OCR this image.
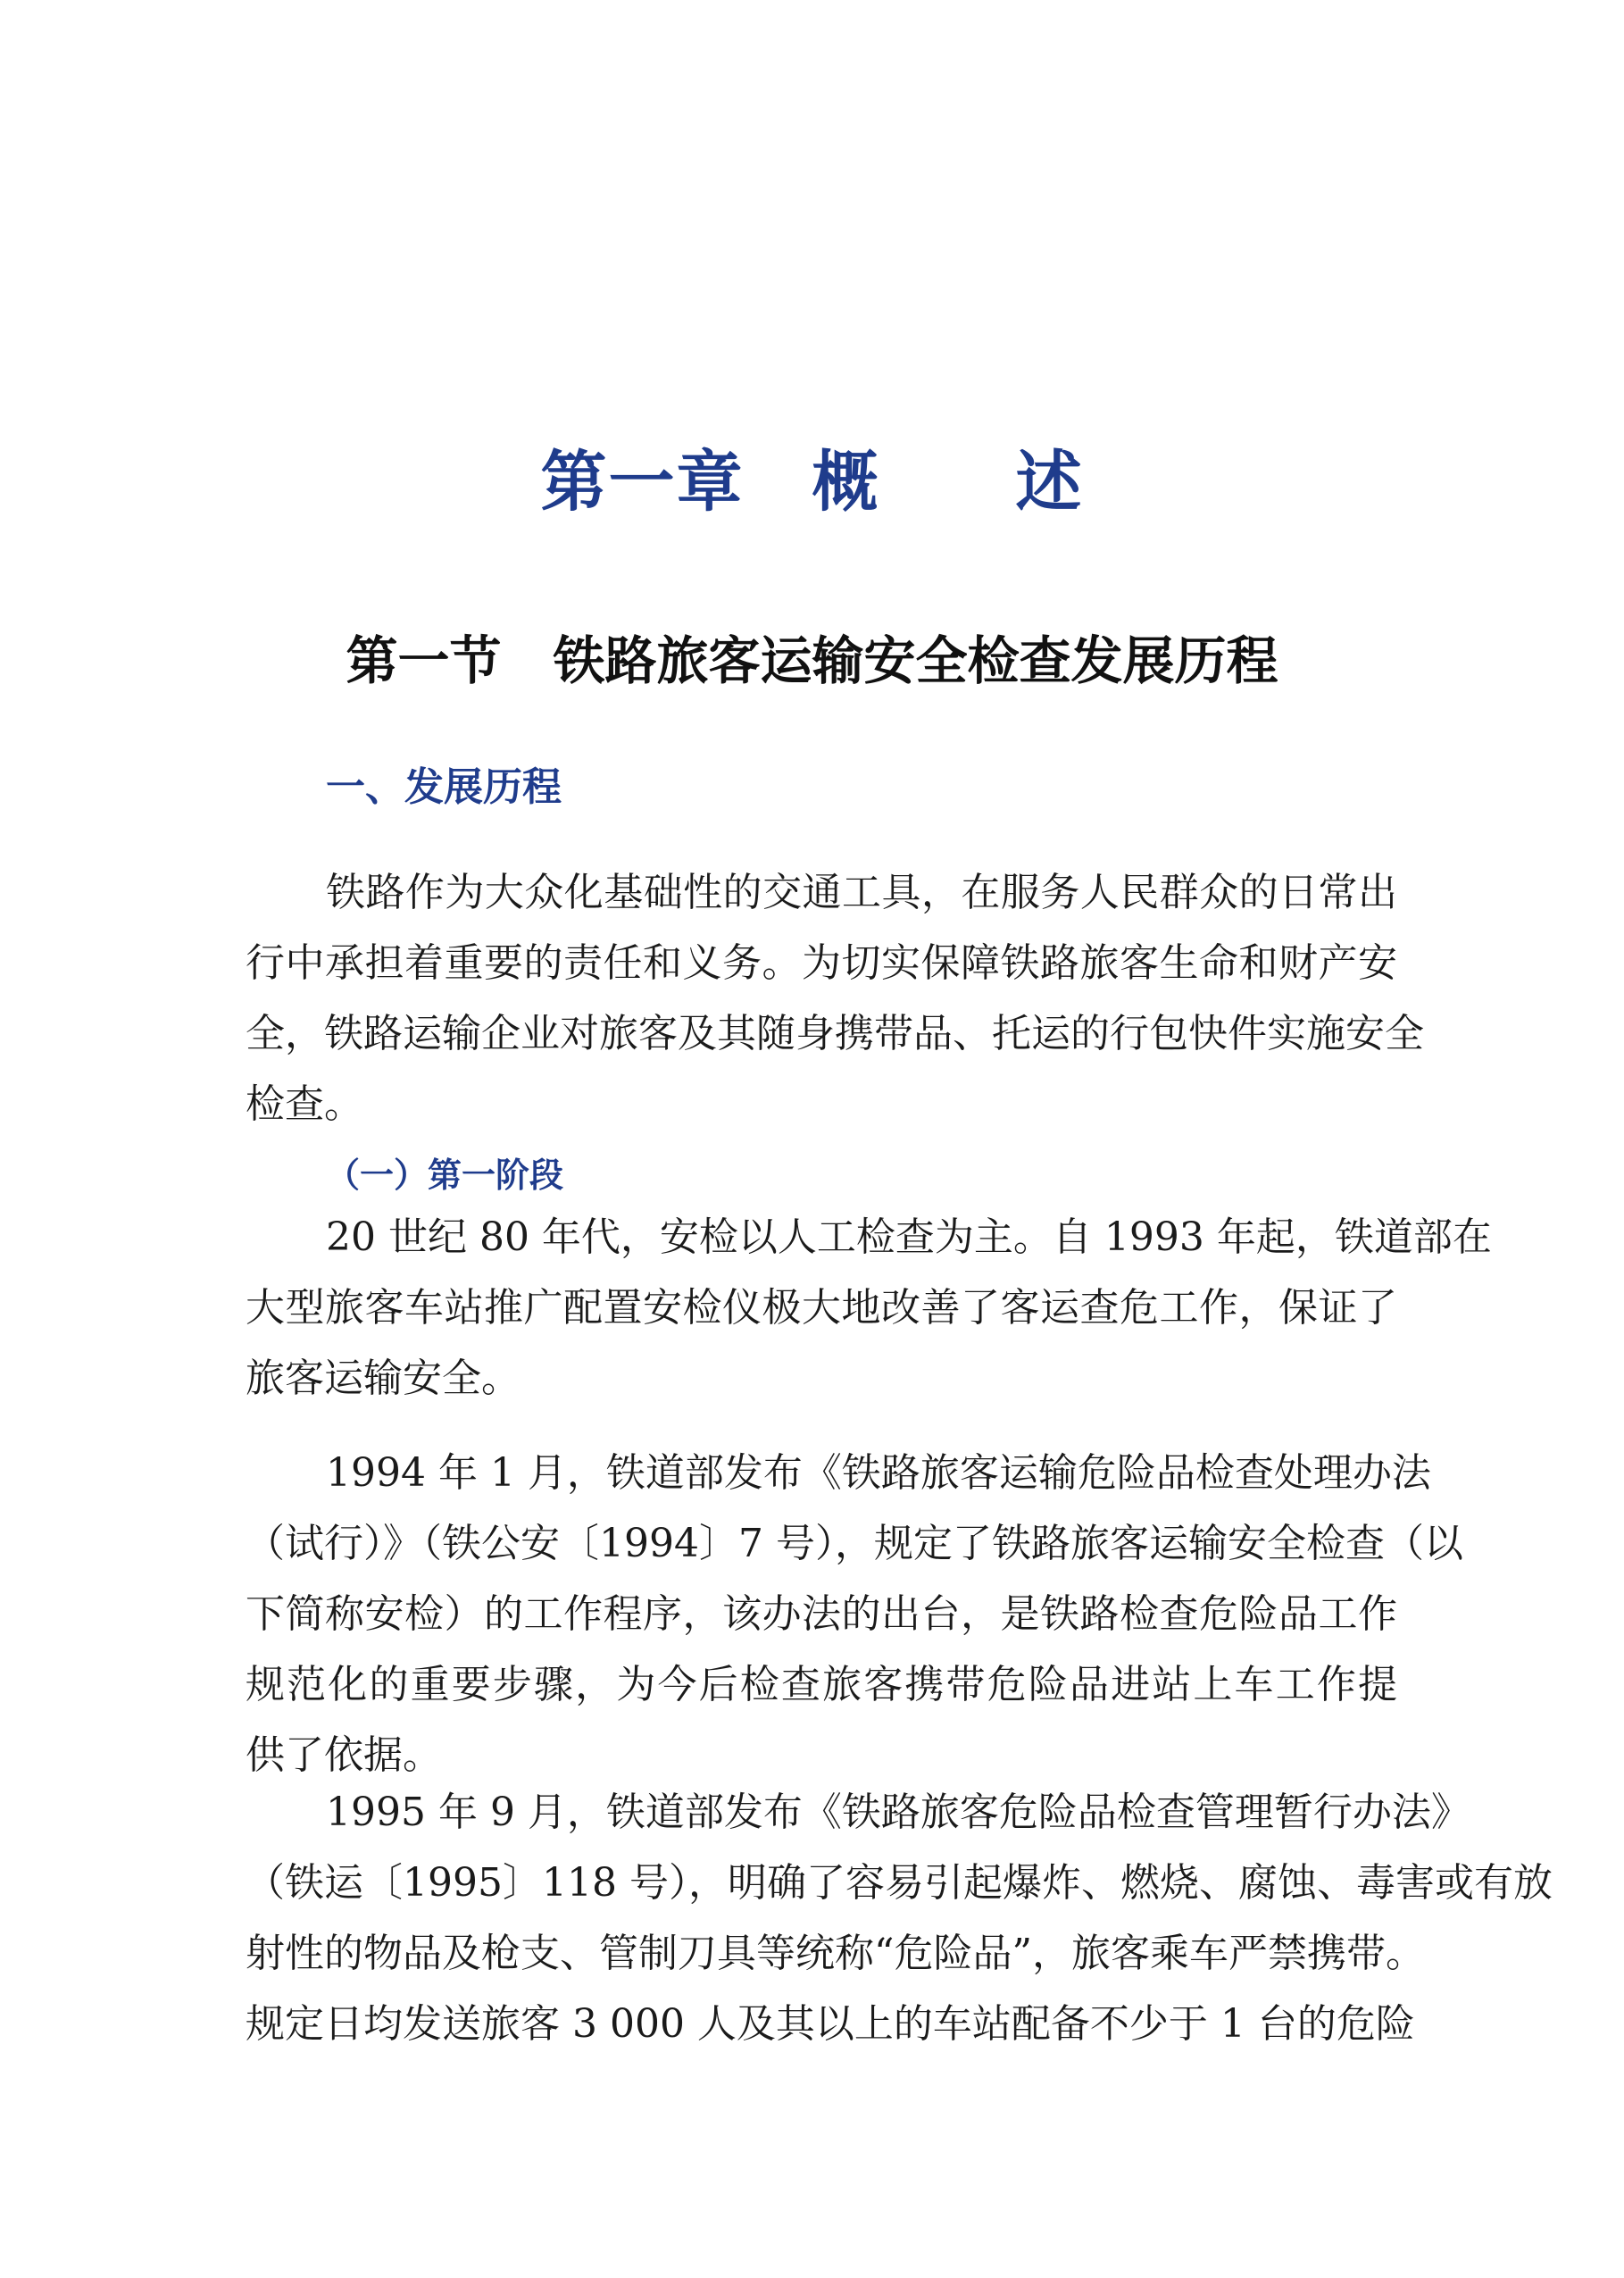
第一章　概　　述
第一节　铁路旅客运输安全检查发展历程
一、发展历程
铁路作为大众化基础性的交通工具，在服务人民群众的日常出
行中承担着重要的责任和义务。为切实保障铁路旅客生命和财产安
全，铁路运输企业对旅客及其随身携带品、托运的行包快件实施安全
检查。
（一）第一阶段
20 世纪 80 年代，安检以人工检查为主。自 1993 年起，铁道部在
大型旅客车站推广配置安检仪极大地改善了客运查危工作，保证了
旅客运输安全。
1994 年 1 月，铁道部发布《铁路旅客运输危险品检查处理办法
（试行）》（铁公安〔1994〕7 号），规定了铁路旅客运输安全检查（以
下简称安检）的工作程序，该办法的出台，是铁路检查危险品工作
规范化的重要步骤，为今后检查旅客携带危险品进站上车工作提
供了依据。
1995 年 9 月，铁道部发布《铁路旅客危险品检查管理暂行办法》
（铁运〔1995〕118 号），明确了容易引起爆炸、燃烧、腐蚀、毒害或有放
射性的物品及枪支、管制刀具等统称“危险品”，旅客乘车严禁携带。
规定日均发送旅客 3 000 人及其以上的车站配备不少于 1 台的危险
